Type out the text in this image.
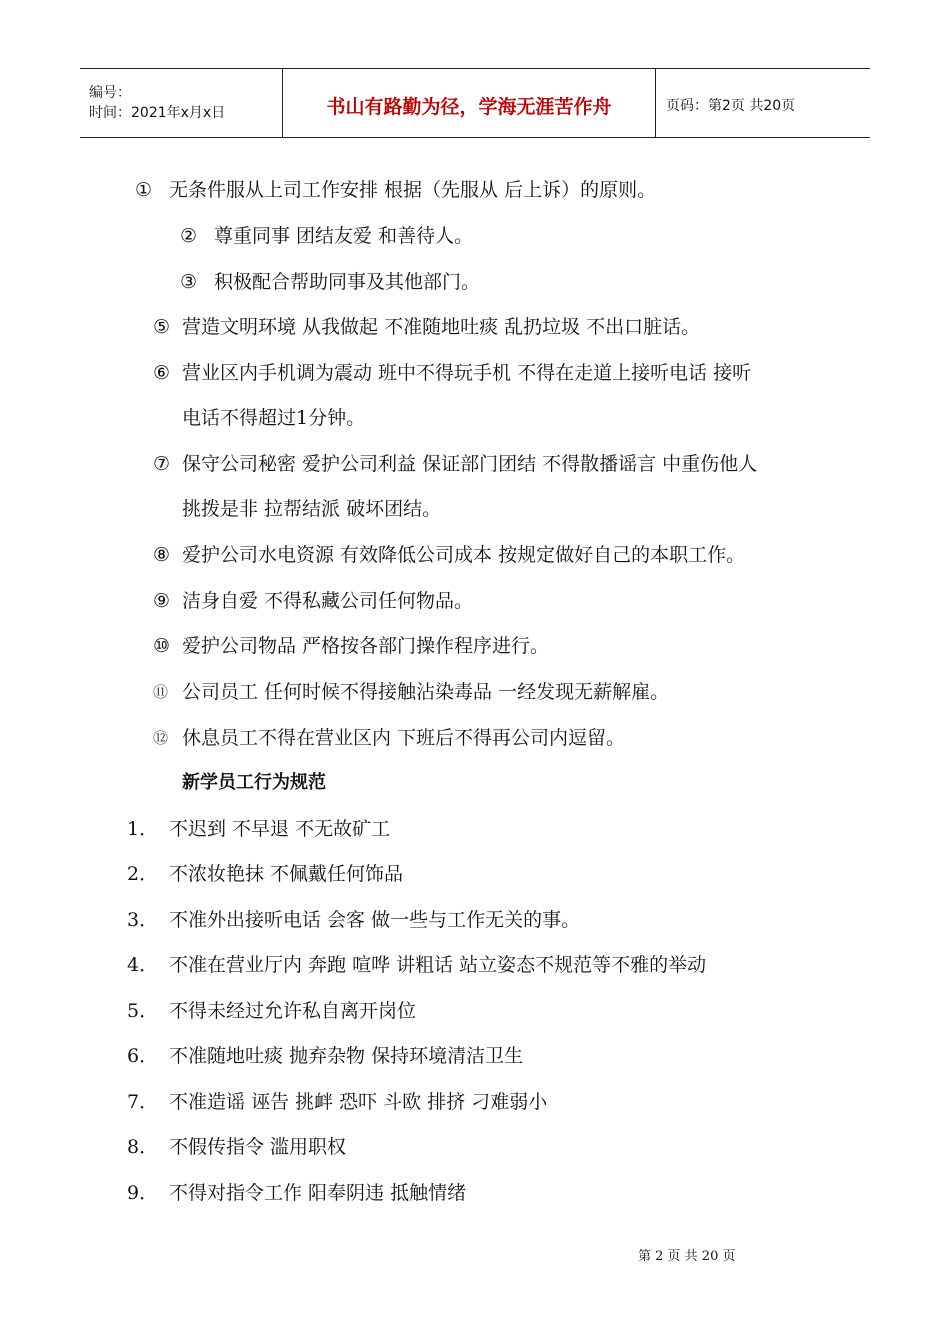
编号：
时间：2021年x月x日	书山有路勤为径，学海无涯苦作舟	页码：第2页 共20页
① 无条件服从上司工作安排 根据（先服从 后上诉）的原则。
② 尊重同事 团结友爱 和善待人。
③ 积极配合帮助同事及其他部门。
⑤ 营造文明环境 从我做起 不准随地吐痰 乱扔垃圾 不出口脏话。
⑥ 营业区内手机调为震动 班中不得玩手机 不得在走道上接听电话 接听
电话不得超过1分钟。
⑦ 保守公司秘密 爱护公司利益 保证部门团结 不得散播谣言 中重伤他人
挑拨是非 拉帮结派 破坏团结。
⑧ 爱护公司水电资源 有效降低公司成本 按规定做好自己的本职工作。
⑨ 洁身自爱 不得私藏公司任何物品。
⑩ 爱护公司物品 严格按各部门操作程序进行。
⑪ 公司员工 任何时候不得接触沾染毒品 一经发现无薪解雇。
⑫ 休息员工不得在营业区内 下班后不得再公司内逗留。
新学员工行为规范
1． 不迟到 不早退 不无故矿工
2． 不浓妆艳抹 不佩戴任何饰品
3． 不准外出接听电话 会客 做一些与工作无关的事。
4． 不准在营业厅内 奔跑 喧哗 讲粗话 站立姿态不规范等不雅的举动
5． 不得未经过允许私自离开岗位
6． 不准随地吐痰 抛弃杂物 保持环境清洁卫生
7． 不准造谣 诬告 挑衅 恐吓 斗欧 排挤 刁难弱小
8． 不假传指令 滥用职权
9． 不得对指令工作 阳奉阴违 抵触情绪
第 2 页 共 20 页
